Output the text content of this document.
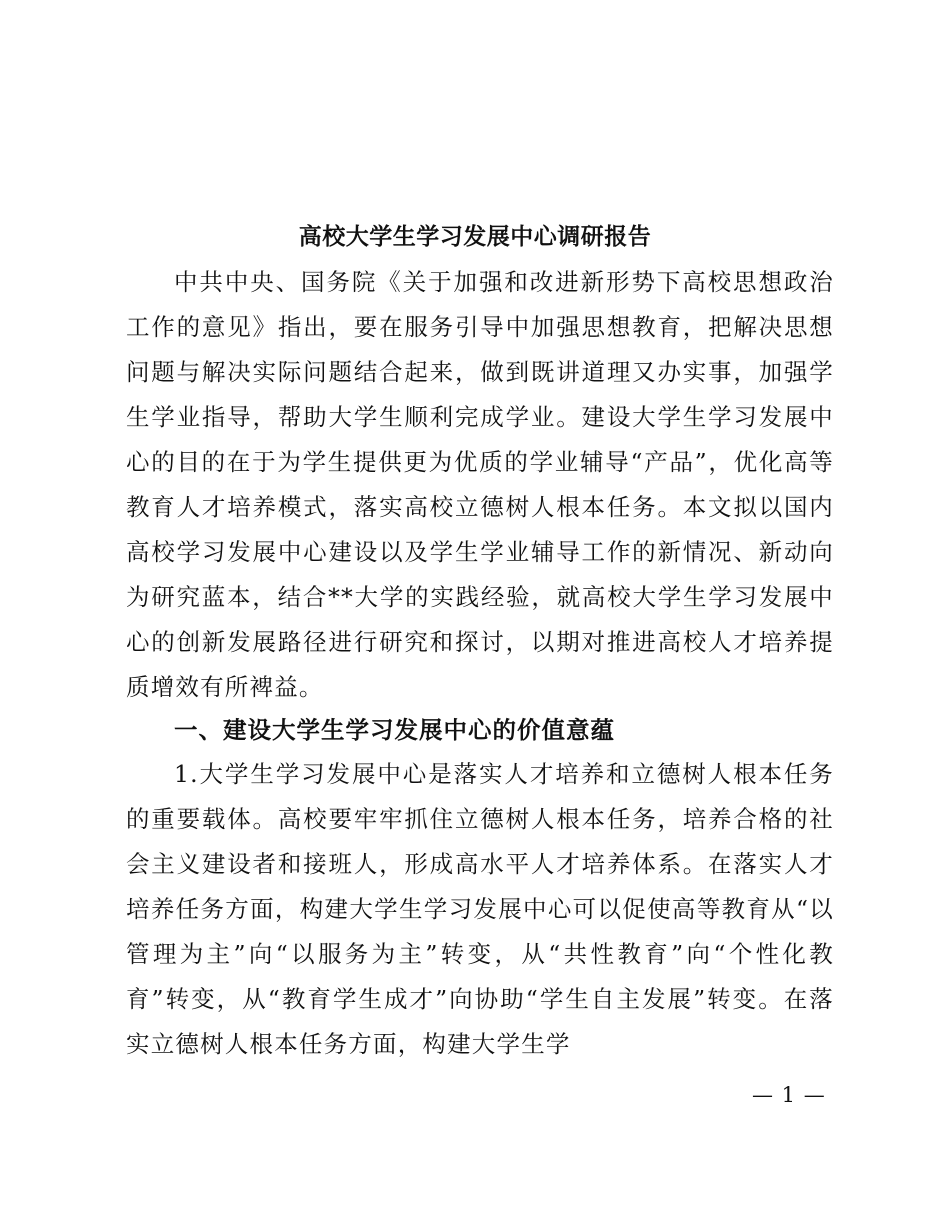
高校大学生学习发展中心调研报告
中共中央、国务院《关于加强和改进新形势下高校思想政治工作的意见》指出，要在服务引导中加强思想教育，把解决思想问题与解决实际问题结合起来，做到既讲道理又办实事，加强学生学业指导，帮助大学生顺利完成学业。建设大学生学习发展中心的目的在于为学生提供更为优质的学业辅导“产品”，优化高等教育人才培养模式，落实高校立德树人根本任务。本文拟以国内高校学习发展中心建设以及学生学业辅导工作的新情况、新动向为研究蓝本，结合**大学的实践经验，就高校大学生学习发展中心的创新发展路径进行研究和探讨，以期对推进高校人才培养提质增效有所裨益。
一、建设大学生学习发展中心的价值意蕴
1.大学生学习发展中心是落实人才培养和立德树人根本任务的重要载体。高校要牢牢抓住立德树人根本任务，培养合格的社会主义建设者和接班人，形成高水平人才培养体系。在落实人才培养任务方面，构建大学生学习发展中心可以促使高等教育从“以管理为主”向“以服务为主”转变，从“共性教育”向“个性化教育”转变，从“教育学生成才”向协助“学生自主发展”转变。在落实立德树人根本任务方面，构建大学生学
— 1 —
